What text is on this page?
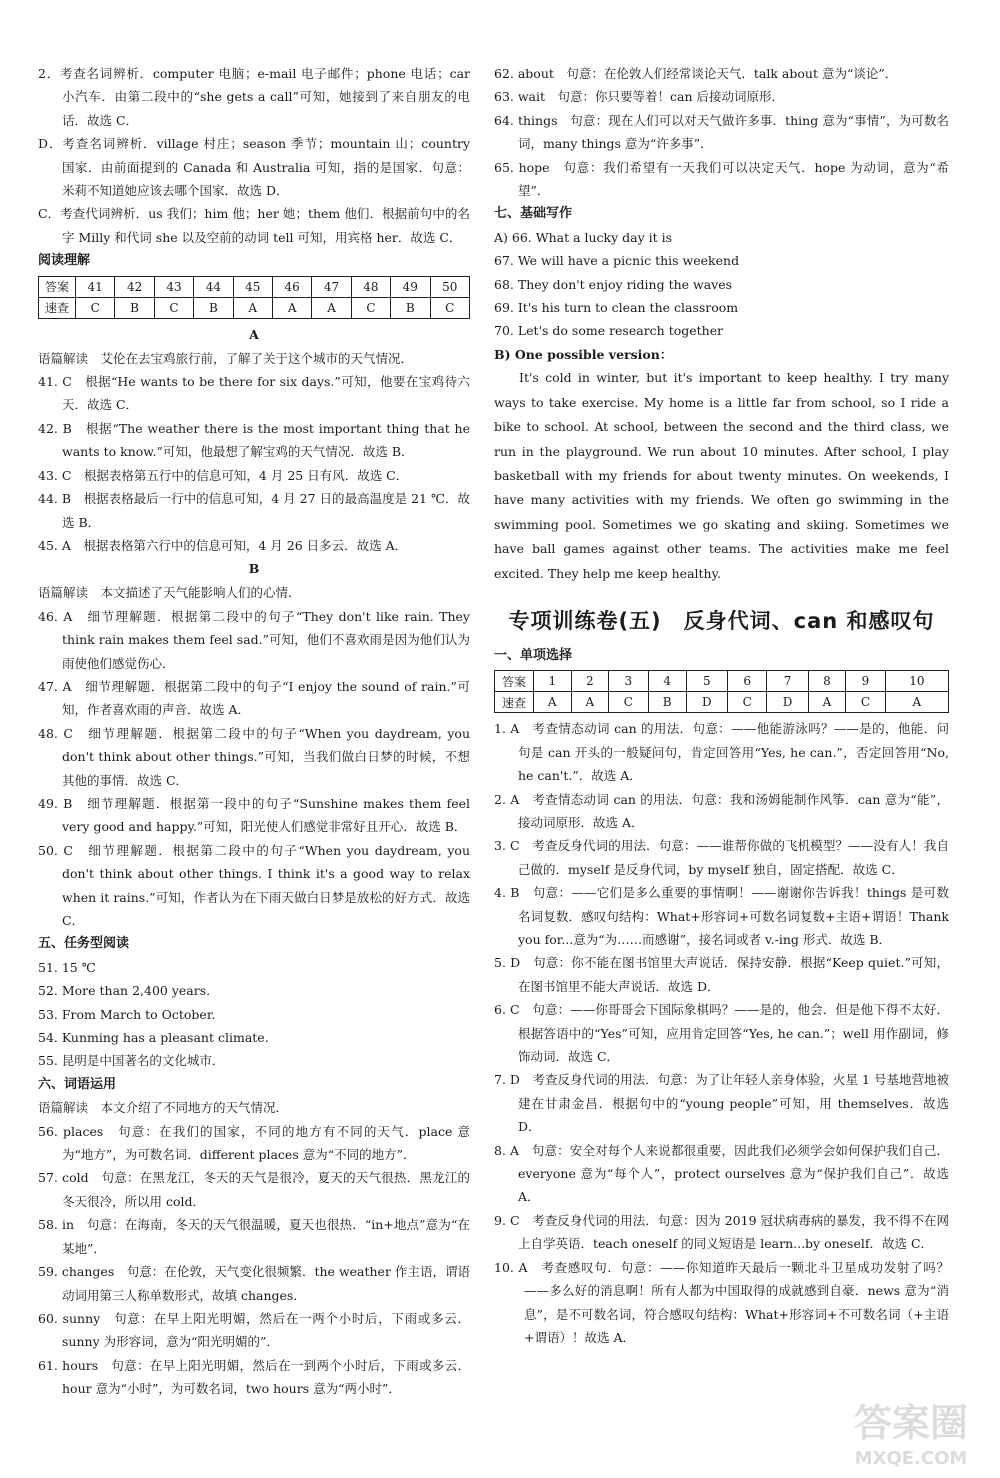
2．考查名词辨析．computer 电脑；e-mail 电子邮件；phone 电话；car 小汽车．由第二段中的“she gets a call”可知，她接到了来自朋友的电话．故选 C．

D．考查名词辨析．village 村庄；season 季节；mountain 山；country 国家．由前面提到的 Canada 和 Australia 可知，指的是国家．句意：米莉不知道她应该去哪个国家．故选 D．

C．考查代词辨析．us 我们；him 他；her 她；them 他们．根据前句中的名字 Milly 和代词 she 以及空前的动词 tell 可知，用宾格 her．故选 C．

阅读理解

答案	41	42	43	44	45	46	47	48	49	50
速查	C	B	C	B	A	A	A	C	B	C
A

语篇解读　艾伦在去宝鸡旅行前，了解了关于这个城市的天气情况．

41. C　根据“He wants to be there for six days.”可知，他要在宝鸡待六天．故选 C．

42. B　根据“The weather there is the most important thing that he wants to know.”可知，他最想了解宝鸡的天气情况．故选 B．

43. C　根据表格第五行中的信息可知，4 月 25 日有风．故选 C．

44. B　根据表格最后一行中的信息可知，4 月 27 日的最高温度是 21 ℃．故选 B．

45. A　根据表格第六行中的信息可知，4 月 26 日多云．故选 A．

B

语篇解读　本文描述了天气能影响人们的心情．

46. A　细节理解题．根据第二段中的句子“They don't like rain. They think rain makes them feel sad.”可知，他们不喜欢雨是因为他们认为雨使他们感觉伤心．

47. A　细节理解题．根据第二段中的句子“I enjoy the sound of rain.”可知，作者喜欢雨的声音．故选 A．

48. C　细节理解题．根据第二段中的句子“When you daydream, you don't think about other things.”可知，当我们做白日梦的时候，不想其他的事情．故选 C．

49. B　细节理解题．根据第一段中的句子“Sunshine makes them feel very good and happy.”可知，阳光使人们感觉非常好且开心．故选 B．

50. C　细节理解题．根据第二段中的句子“When you daydream, you don't think about other things. I think it's a good way to relax when it rains.”可知，作者认为在下雨天做白日梦是放松的好方式．故选 C．

五、任务型阅读

51. 15 ℃

52. More than 2,400 years.

53. From March to October.

54. Kunming has a pleasant climate.

55. 昆明是中国著名的文化城市．

六、词语运用

语篇解读　本文介绍了不同地方的天气情况．

56. places　句意：在我们的国家，不同的地方有不同的天气．place 意为“地方”，为可数名词．different places 意为“不同的地方”．

57. cold　句意：在黑龙江，冬天的天气是很冷，夏天的天气很热．黑龙江的冬天很冷，所以用 cold．

58. in　句意：在海南，冬天的天气很温暖，夏天也很热．“in+地点”意为“在某地”．

59. changes　句意：在伦敦，天气变化很频繁．the weather 作主语，谓语动词用第三人称单数形式，故填 changes．

60. sunny　句意：在早上阳光明媚，然后在一两个小时后，下雨或多云．sunny 为形容词，意为“阳光明媚的”．

61. hours　句意：在早上阳光明媚，然后在一到两个小时后，下雨或多云．hour 意为“小时”，为可数名词，two hours 意为“两小时”．

62. about　句意：在伦敦人们经常谈论天气．talk about 意为“谈论”．

63. wait　句意：你只要等着！can 后接动词原形．

64. things　句意：现在人们可以对天气做许多事．thing 意为“事情”，为可数名词，many things 意为“许多事”．

65. hope　句意：我们希望有一天我们可以决定天气．hope 为动词，意为“希望”．

七、基础写作

A) 66. What a lucky day it is

67. We will have a picnic this weekend

68. They don't enjoy riding the waves

69. It's his turn to clean the classroom

70. Let's do some research together

B) One possible version：

It's cold in winter, but it's important to keep healthy. I try many ways to take exercise. My home is a little far from school, so I ride a bike to school. At school, between the second and the third class, we run in the playground. We run about 10 minutes. After school, I play basketball with my friends for about twenty minutes. On weekends, I have many activities with my friends. We often go swimming in the swimming pool. Sometimes we go skating and skiing. Sometimes we have ball games against other teams. The activities make me feel excited. They help me keep healthy.

专项训练卷(五)　反身代词、can 和感叹句

一、单项选择

答案	1	2	3	4	5	6	7	8	9	10
速查	A	A	C	B	D	C	D	A	C	A

1. A　考查情态动词 can 的用法．句意：——他能游泳吗？——是的，他能．问句是 can 开头的一般疑问句，肯定回答用“Yes, he can.”，否定回答用“No, he can't.”．故选 A．

2. A　考查情态动词 can 的用法．句意：我和汤姆能制作风筝．can 意为“能”，接动词原形．故选 A．

3. C　考查反身代词的用法．句意：——谁帮你做的飞机模型？——没有人！我自己做的．myself 是反身代词，by myself 独自，固定搭配．故选 C．

4. B　句意：——它们是多么重要的事情啊！——谢谢你告诉我！things 是可数名词复数．感叹句结构：What+形容词+可数名词复数+主语+谓语！Thank you for...意为“为……而感谢”，接名词或者 v.-ing 形式．故选 B．

5. D　句意：你不能在图书馆里大声说话．保持安静．根据“Keep quiet.”可知，在图书馆里不能大声说话．故选 D．

6. C　句意：——你哥哥会下国际象棋吗？——是的，他会．但是他下得不太好．根据答语中的“Yes”可知，应用肯定回答“Yes, he can.”；well 用作副词，修饰动词．故选 C．

7. D　考查反身代词的用法．句意：为了让年轻人亲身体验，火星 1 号基地营地被建在甘肃金昌．根据句中的“young people”可知，用 themselves．故选 D．

8. A　句意：安全对每个人来说都很重要，因此我们必须学会如何保护我们自己．everyone 意为“每个人”，protect ourselves 意为“保护我们自己”．故选 A．

9. C　考查反身代词的用法．句意：因为 2019 冠状病毒病的暴发，我不得不在网上自学英语．teach oneself 的同义短语是 learn...by oneself．故选 C．

10. A　考查感叹句．句意：——你知道昨天最后一颗北斗卫星成功发射了吗？——多么好的消息啊！所有人都为中国取得的成就感到自豪．news 意为“消息”，是不可数名词，符合感叹句结构：What+形容词+不可数名词（+主语+谓语）！故选 A．

答案圈
MXQE.COM
